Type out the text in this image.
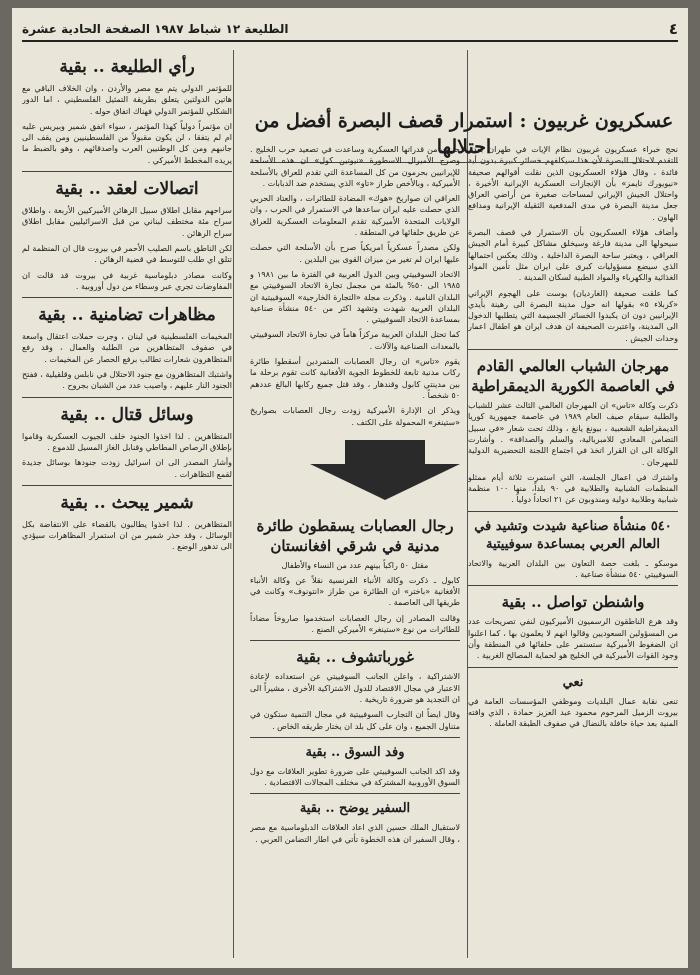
٤
الطليعة ١٢ شباط ١٩٨٧ الصفحة الحادية عشرة

نحج خبراء عسكريون غربيون نظام الإيات في طهران بعدم التقدم لاحتلال البصرة لأن هذا سيكلفهم خسائر كبيرة بدون أية فائدة ، وقال هؤلاء العسكريون الذين نقلت أقوالهم صحيفة «نيويورك تايمز» بأن الإنجازات العسكرية الإيرانية الأخيرة ، واحتلال الجيش الإيراني لمساحات صغيرة من أراضي العراق جعل مدينة البصرة في مدى المدفعية الثقيلة الإيرانية ومدافع الهاون .

وأضاف هؤلاء العسكريون بأن الاستمرار في قصف البصرة سيحولها الى مدينة فارغة وسيخلق مشاكل كبيرة أمام الجيش العراقي ، ويعتبر ساحة البصرة الداخلية ، وذلك يعكس احتمالها الذي سيضع مسؤوليات كبرى على ايران مثل تأمين المواد الغذائية والكهرباء والمواد الطبية لسكان المدينة .

كما علقت صحيفة (الغارديان) بوست على الهجوم الإيراني «كربلاء ٥» بقولها انه حول مدينة البصرة الى رهينة بأيدي الإيرانيين دون ان يكبدوا الخسائر الجسيمة التي يتطلبها الدخول الى المدينة، واعتبرت الصحيفة ان هدف ايران هو اطفال اعمار وحدات الجيش .

مهرجان الشباب العالمي القادم في العاصمة الكورية الديمقراطية

ذكرت وكالة «تاس» ان المهرجان العالمي الثالث عشر للشباب والطلبة سيقام صيف العام ١٩٨٩ في عاصمة جمهورية كوريا الديمقراطية الشعبية ، بيونغ يانغ ، وذلك تحت شعار «في سبيل التضامن المعادي للامبريالية، والسلم والصداقة» . وأشارت الوكالة الى ان القرار اتخذ في اجتماع اللجنة التحضيرية الدولية للمهرجان .

واشترك في اعمال الجلسة، التي استمرت ثلاثة أيام ممثلو المنظمات الشبابية والطلابية في ٩٠ بلداً، منها ١٠٠ منظمة شبابية وطلابية دولية ومندوبون عن ٢١ اتحاداً دولياً .

٥٤٠ منشأة صناعية شيدت وتشيد في العالم العربي بمساعدة سوفييتية

موسكو ـ بلغت حصة التعاون بين البلدان العربية والاتحاد السوفييتي ٥٤٠ منشأة صناعية .

واشنطن تواصل .. بقية

وقد هرع الناطقون الرسميون الأميركيون لنفي تصريحات عدد من المسؤولين السعوديين وقالوا انهم لا يعلمون بها ، كما اعلنوا ان الضغوط الأميركية ستستمر على حلفائها في المنطقة وأن وجود القوات الأميركية في الخليج هو لحماية المصالح الغربية .

نعي

تنعى نقابة عمال البلديات وموظفي المؤسسات العامة في بيروت الزميل المرحوم محمود عبد العزيز حمادة ، الذي وافته المنية بعد حياة حافلة بالنضال في صفوف الطبقة العاملة .

عسكريون غربيون : استمرار قصف البصرة أفضل من احتلالها

حزبت من قدراتها العسكرية وساعدت في تصعيد حرب الخليج . وصرح الأميرال الاسطورة «نيوتين كول» ان هذه الأسلحة للإيرانيين بحرمون من كل المساعدة التي تقدم للعراق بالأسلحة الأميركية ، وبالأخص طراز «تاو» الذي يستخدم ضد الدبابات .

العراقي ان صواريخ «هوك» المضادة للطائرات ، والعتاد الحربي الذي حصلت عليه ايران ساعدها في الاستمرار في الحرب ، وان الولايات المتحدة الأميركية تقدم المعلومات العسكرية للعراق عن طريق حلفائها في المنطقة .

ولكن مصدراً عسكرياً امريكياً صرح بأن الأسلحة التي حصلت عليها ايران لم تغير من ميزان القوى بين البلدين .

الاتحاد السوفييتي وبين الدول العربية في الفترة ما بين ١٩٨١ و ١٩٨٥ الى ٥٠% بالمئة من مجمل تجارة الاتحاد السوفييتي مع البلدان النامية . وذكرت مجلة «التجارة الخارجية» السوفييتية ان البلدان العربية شهدت وتشهد اكثر من ٥٤٠ منشأة صناعية بمساعدة الاتحاد السوفييتي .

كما تحتل البلدان العربية مركزاً هاماً في تجارة الاتحاد السوفييتي بالمعدات الصناعية والآلات .

يقوم «تاس» ان رجال العصابات المتمردين أسقطوا طائرة ركاب مدنية تابعة للخطوط الجوية الأفغانية كانت تقوم برحلة ما بين مدينتي كابول وقندهار ، وقد قتل جميع ركابها البالغ عددهم ٥٠ شخصاً .

ويذكر ان الإدارة الأميركية زودت رجال العصابات بصواريخ «ستينغر» المحمولة على الكتف .

رجال العصابات يسقطون طائرة مدنية في شرقي افغانستان
مقتل ٥٠ راكباً بينهم عدد من النساء والأطفال

كابول ـ ذكرت وكالة الأنباء الفرنسية نقلاً عن وكالة الأنباء الأفغانية «باختر» ان الطائرة من طراز «انتونوف» وكانت في طريقها الى العاصمة .

وقالت المصادر إن رجال العصابات استخدموا صاروخاً مضاداً للطائرات من نوع «ستينغر» الأميركي الصنع .

غورباتشوف .. بقية

الاشتراكية ، واعلن الجانب السوفييتي عن استعداده لإعادة الاعتبار في مجال الاقتصاد للدول الاشتراكية الأخرى ، مشيراً الى ان التجديد هو ضرورة تاريخية .

وقال ايضاً ان التجارب السوفييتية في مجال التنمية ستكون في متناول الجميع ، وان على كل بلد ان يختار طريقه الخاص .

وفد السوق .. بقية

وقد اكد الجانب السوفييتي على ضرورة تطوير العلاقات مع دول السوق الأوروبية المشتركة في مختلف المجالات الاقتصادية .

السفير يوضح .. بقية

لاستقبال الملك حسين الذي اعاد العلاقات الدبلوماسية مع مصر ، وقال السفير ان هذه الخطوة تأتي في اطار التضامن العربي .

رأي الطليعة .. بقية

للمؤتمر الدولي يتم مع مصر والأردن ، وان الخلاف الباقي مع هاتين الدولتين يتعلق بطريقة التمثيل الفلسطيني ، اما الدور الشكلي للمؤتمر الدولي فهناك اتفاق حوله .

ان مؤتمراً دولياً كهذا المؤتمر ، سواء اتفق شمير وبيريس عليه ام لم يتفقا ، لن يكون مقبولاً من الفلسطينيين ومن يقف الى جانبهم ومن كل الوطنيين العرب واصدقائهم ، وهو بالضبط ما يريده المخطط الأميركي .

اتصالات لعقد .. بقية

سراحهم مقابل اطلاق سبيل الرهائن الأميركيين الأربعة ، واطلاق سراح مئة مختطف لبناني من قبل الاسرائيليين مقابل اطلاق سراح الرهائن .

لكن الناطق باسم الصليب الأحمر في بيروت قال ان المنظمة لم تتلق اي طلب للتوسط في قضية الرهائن .

وكانت مصادر دبلوماسية غربية في بيروت قد قالت ان المفاوضات تجري عبر وسطاء من دول أوروبية .

مظاهرات تضامنية .. بقية

المخيمات الفلسطينية في لبنان ، وجرت حملات اعتقال واسعة في صفوف المتظاهرين من الطلبة والعمال ، وقد رفع المتظاهرون شعارات تطالب برفع الحصار عن المخيمات .

واشتبك المتظاهرون مع جنود الاحتلال في نابلس وقلقيلية ، ففتح الجنود النار عليهم ، واصيب عدد من الشبان بجروح .

وسائل قتال .. بقية

المتظاهرين . لذا اخذوا الجنود خلف الجيوب العسكرية وقاموا بإطلاق الرصاص المطاطي وقنابل الغاز المسيل للدموع .

وأشار المصدر الى ان اسرائيل زودت جنودها بوسائل جديدة لقمع التظاهرات .

شمير يبحث .. بقية

المتظاهرين . لذا اخذوا يطالبون بالقضاء على الانتفاضة بكل الوسائل ، وقد حذر شمير من ان استمرار المظاهرات سيؤدي الى تدهور الوضع .
